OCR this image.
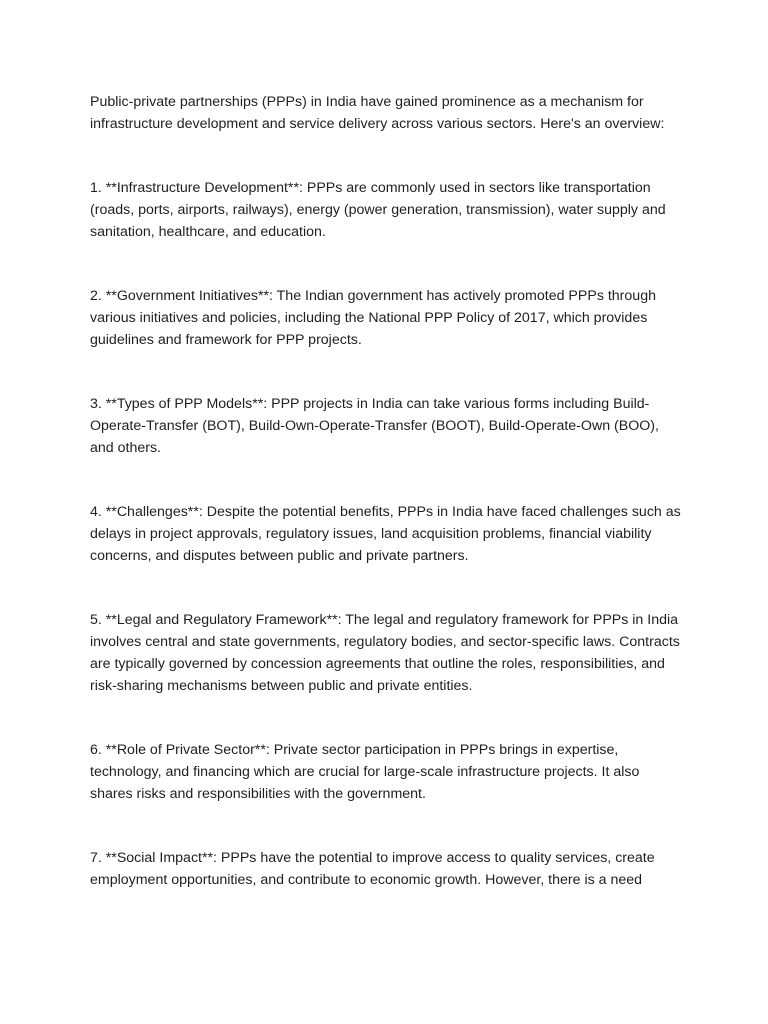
Public-private partnerships (PPPs) in India have gained prominence as a mechanism for infrastructure development and service delivery across various sectors. Here's an overview:

1. **Infrastructure Development**: PPPs are commonly used in sectors like transportation (roads, ports, airports, railways), energy (power generation, transmission), water supply and sanitation, healthcare, and education.

2. **Government Initiatives**: The Indian government has actively promoted PPPs through various initiatives and policies, including the National PPP Policy of 2017, which provides guidelines and framework for PPP projects.

3. **Types of PPP Models**: PPP projects in India can take various forms including Build-Operate-Transfer (BOT), Build-Own-Operate-Transfer (BOOT), Build-Operate-Own (BOO), and others.

4. **Challenges**: Despite the potential benefits, PPPs in India have faced challenges such as delays in project approvals, regulatory issues, land acquisition problems, financial viability concerns, and disputes between public and private partners.

5. **Legal and Regulatory Framework**: The legal and regulatory framework for PPPs in India involves central and state governments, regulatory bodies, and sector-specific laws. Contracts are typically governed by concession agreements that outline the roles, responsibilities, and risk-sharing mechanisms between public and private entities.

6. **Role of Private Sector**: Private sector participation in PPPs brings in expertise, technology, and financing which are crucial for large-scale infrastructure projects. It also shares risks and responsibilities with the government.

7. **Social Impact**: PPPs have the potential to improve access to quality services, create employment opportunities, and contribute to economic growth. However, there is a need
